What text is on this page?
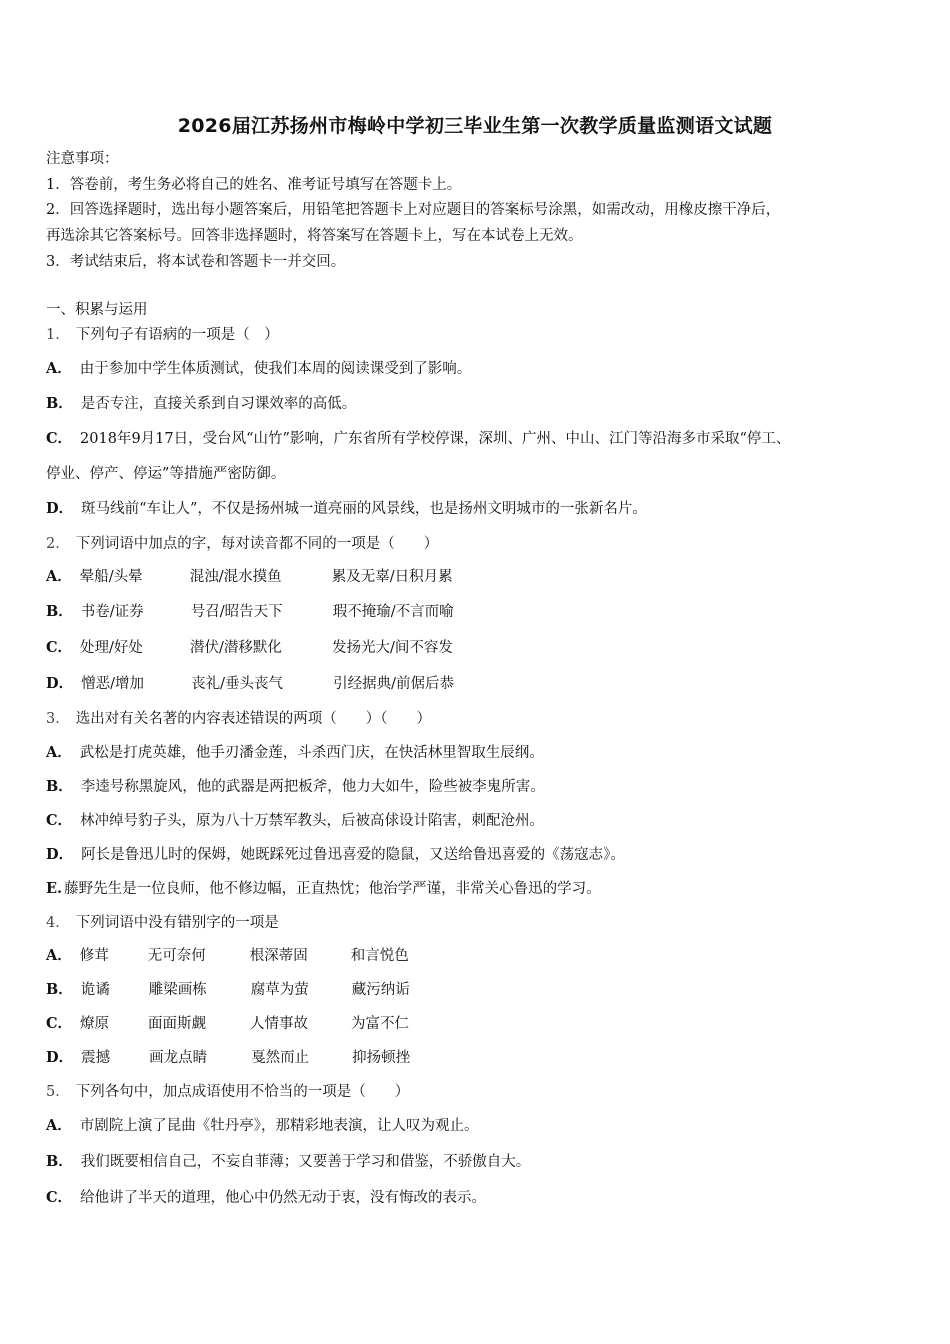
2026届江苏扬州市梅岭中学初三毕业生第一次教学质量监测语文试题
注意事项：
1．答卷前，考生务必将自己的姓名、准考证号填写在答题卡上。
2．回答选择题时，选出每小题答案后，用铅笔把答题卡上对应题目的答案标号涂黑，如需改动，用橡皮擦干净后，
再选涂其它答案标号。回答非选择题时，将答案写在答题卡上，写在本试卷上无效。
3．考试结束后，将本试卷和答题卡一并交回。
一、积累与运用
1． 下列句子有语病的一项是（　）
A． 由于参加中学生体质测试，使我们本周的阅读课受到了影响。
B． 是否专注，直接关系到自习课效率的高低。
C． 2018年9月17日，受台风“山竹”影响，广东省所有学校停课，深圳、广州、中山、江门等沿海多市采取“停工、
停业、停产、停运”等措施严密防御。
D． 斑马线前“车让人”，不仅是扬州城一道亮丽的风景线，也是扬州文明城市的一张新名片。
2． 下列词语中加点的字，每对读音都不同的一项是（　　）
A． 晕船/头晕	混浊/混水摸鱼	累及无辜/日积月累
B． 书卷/证券	号召/昭告天下	瑕不掩瑜/不言而喻
C． 处理/好处	潜伏/潜移默化	发扬光大/间不容发
D． 憎恶/增加	丧礼/垂头丧气	引经据典/前倨后恭
3． 选出对有关名著的内容表述错误的两项（　　）（　　）
A． 武松是打虎英雄，他手刃潘金莲，斗杀西门庆，在快活林里智取生辰纲。
B． 李逵号称黑旋风，他的武器是两把板斧，他力大如牛，险些被李鬼所害。
C． 林冲绰号豹子头，原为八十万禁军教头，后被高俅设计陷害，刺配沧州。
D． 阿长是鲁迅儿时的保姆，她既踩死过鲁迅喜爱的隐鼠，又送给鲁迅喜爱的《荡寇志》。
E. 藤野先生是一位良师，他不修边幅，正直热忱；他治学严谨，非常关心鲁迅的学习。
4． 下列词语中没有错别字的一项是
A． 修茸	无可奈何	根深蒂固	和言悦色
B． 诡谲	雕梁画栋	腐草为萤	藏污纳诟
C． 燎原	面面斯觑	人情事故	为富不仁
D． 震撼	画龙点睛	戛然而止	抑扬顿挫
5． 下列各句中，加点成语使用不恰当的一项是（　　）
A． 市剧院上演了昆曲《牡丹亭》，那精彩地表演，让人叹为观止。
B． 我们既要相信自己，不妄自菲薄；又要善于学习和借鉴，不骄傲自大。
C． 给他讲了半天的道理，他心中仍然无动于衷，没有悔改的表示。
